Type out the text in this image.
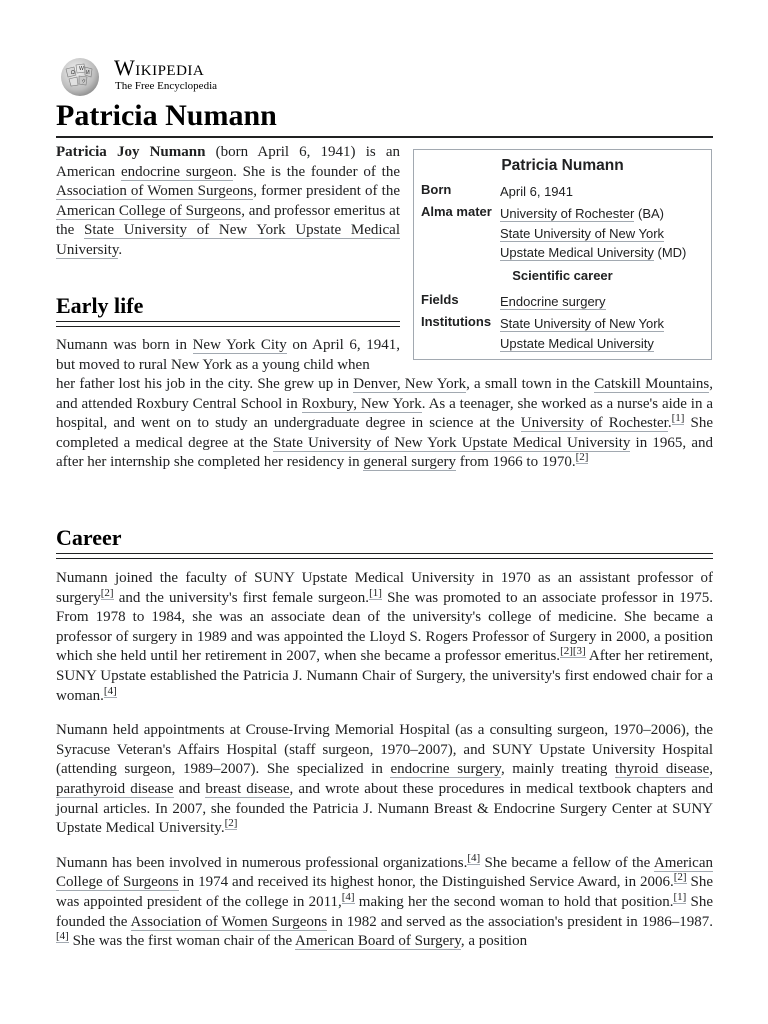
Ω
W
И
ウ
Wikipedia
The Free Encyclopedia
Patricia Numann

Patricia Joy Numann (born April 6, 1941) is an American endocrine surgeon. She is the founder of the Association of Women Surgeons, former president of the American College of Surgeons, and professor emeritus at the State University of New York Upstate Medical University.

Patricia Numann
Born	April 6, 1941
Alma mater University of Rochester (BA)
State University of New York Upstate Medical University (MD)
Scientific career
Fields	Endocrine surgery
Institutions State University of New York Upstate Medical University
Early life

Numann was born in New York City on April 6, 1941, but moved to rural New York as a young child when

her father lost his job in the city. She grew up in Denver, New York, a small town in the Catskill Mountains, and attended Roxbury Central School in Roxbury, New York. As a teenager, she worked as a nurse's aide in a hospital, and went on to study an undergraduate degree in science at the University of Rochester.[1] She completed a medical degree at the State University of New York Upstate Medical University in 1965, and after her internship she completed her residency in general surgery from 1966 to 1970.[2]

Career

Numann joined the faculty of SUNY Upstate Medical University in 1970 as an assistant professor of surgery[2] and the university's first female surgeon.[1] She was promoted to an associate professor in 1975. From 1978 to 1984, she was an associate dean of the university's college of medicine. She became a professor of surgery in 1989 and was appointed the Lloyd S. Rogers Professor of Surgery in 2000, a position which she held until her retirement in 2007, when she became a professor emeritus.[2][3] After her retirement, SUNY Upstate established the Patricia J. Numann Chair of Surgery, the university's first endowed chair for a woman.[4]

Numann held appointments at Crouse-Irving Memorial Hospital (as a consulting surgeon, 1970–2006), the Syracuse Veteran's Affairs Hospital (staff surgeon, 1970–2007), and SUNY Upstate University Hospital (attending surgeon, 1989–2007). She specialized in endocrine surgery, mainly treating thyroid disease, parathyroid disease and breast disease, and wrote about these procedures in medical textbook chapters and journal articles. In 2007, she founded the Patricia J. Numann Breast & Endocrine Surgery Center at SUNY Upstate Medical University.[2]

Numann has been involved in numerous professional organizations.[4] She became a fellow of the American College of Surgeons in 1974 and received its highest honor, the Distinguished Service Award, in 2006.[2] She was appointed president of the college in 2011,[4] making her the second woman to hold that position.[1] She founded the Association of Women Surgeons in 1982 and served as the association's president in 1986–1987.[4] She was the first woman chair of the American Board of Surgery, a position
